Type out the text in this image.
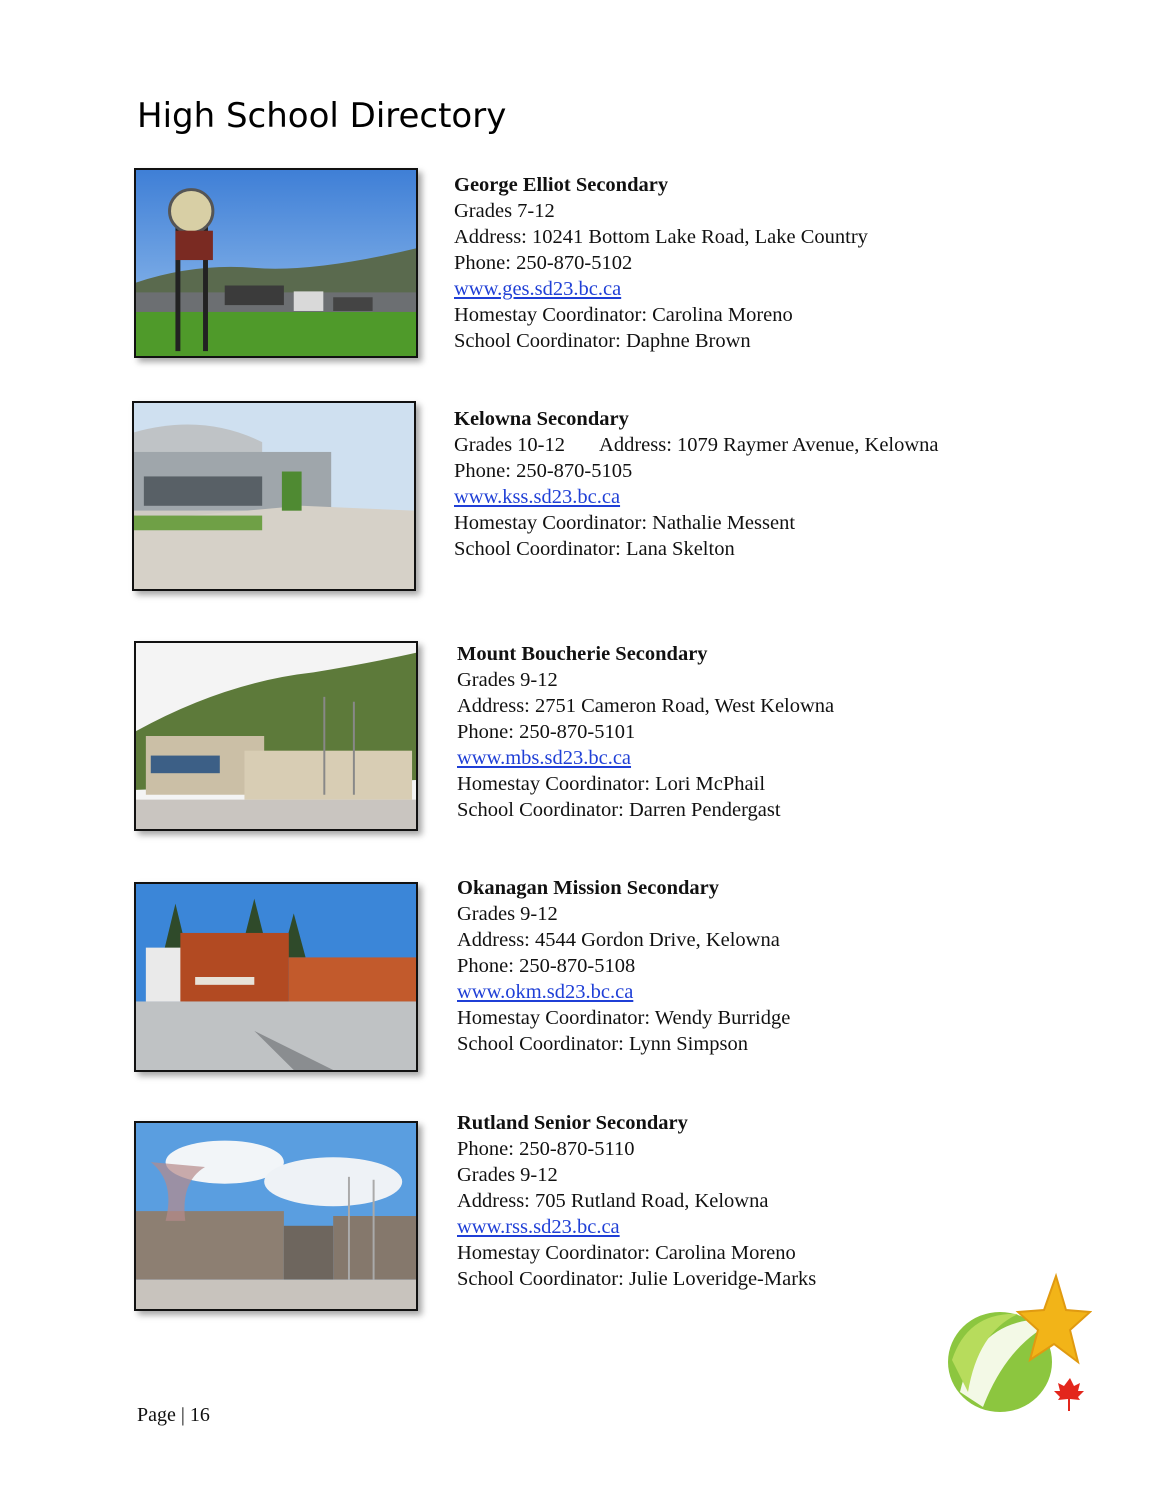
High School Directory
George Elliot Secondary
Grades 7-12
Address: 10241 Bottom Lake Road, Lake Country
Phone: 250-870-5102
www.ges.sd23.bc.ca
Homestay Coordinator: Carolina Moreno
School Coordinator: Daphne Brown
Kelowna Secondary
Grades 10-12 Address: 1079 Raymer Avenue, Kelowna
Phone: 250-870-5105
www.kss.sd23.bc.ca
Homestay Coordinator: Nathalie Messent
School Coordinator: Lana Skelton
Mount Boucherie Secondary
Grades 9-12
Address: 2751 Cameron Road, West Kelowna
Phone: 250-870-5101
www.mbs.sd23.bc.ca
Homestay Coordinator: Lori McPhail
School Coordinator: Darren Pendergast
Okanagan Mission Secondary
Grades 9-12
Address: 4544 Gordon Drive, Kelowna
Phone: 250-870-5108
www.okm.sd23.bc.ca
Homestay Coordinator: Wendy Burridge
School Coordinator: Lynn Simpson
Rutland Senior Secondary
Phone: 250-870-5110
Grades 9-12
Address: 705 Rutland Road, Kelowna
www.rss.sd23.bc.ca
Homestay Coordinator: Carolina Moreno
School Coordinator: Julie Loveridge-Marks
Page | 16
